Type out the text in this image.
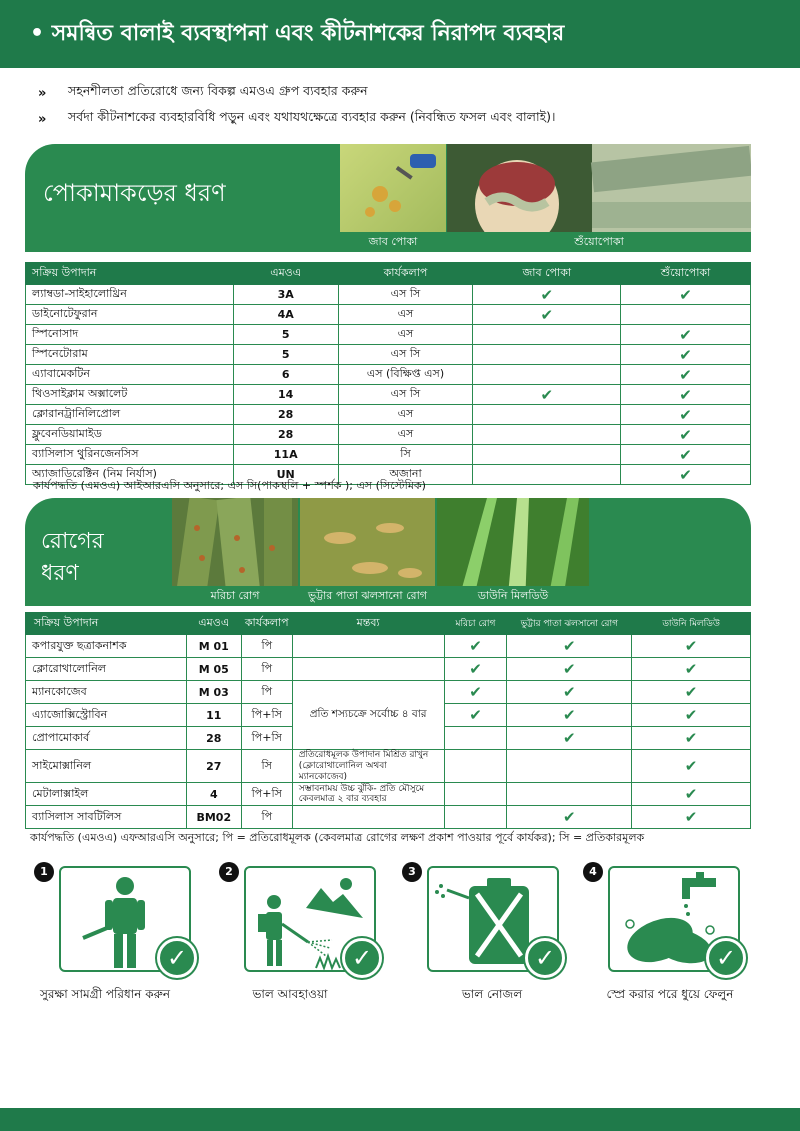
• সমন্বিত বালাই ব্যবস্থাপনা এবং কীটনাশকের নিরাপদ ব্যবহার
»	সহনশীলতা প্রতিরোধে জন্য বিকল্প এমওএ গ্রুপ ব্যবহার করুন
»	সর্বদা কীটনাশকের ব্যবহারবিধি পড়ুন এবং যথাযথক্ষেত্রে ব্যবহার করুন (নিবন্ধিত ফসল এবং বালাই)।
পোকামাকড়ের ধরণ
জাব পোকা	শুঁয়োপোকা
সক্রিয় উপাদান	এমওএ	কার্যকলাপ	জাব পোকা	শুঁয়োপোকা
ল্যাম্বডা-সাইহালোথ্রিন	3A	এস সি	✔	✔
ডাইনোটেফুরান	4A	এস	✔	
স্পিনোসাদ	5	এস		✔
স্পিনেটোরাম	5	এস সি		✔
এ্যাবামেকটিন	6	এস (বিক্ষিপ্ত এস)		✔
থিওসাইক্লাম অক্সালেট	14	এস সি	✔	✔
ক্লোরানট্রানিলিপ্রোল	28	এস		✔
ফ্লুবেনডিয়ামাইড	28	এস		✔
ব্যাসিলাস থুরিনজেনসিস	11A	সি		✔
অ্যাজাডিরেক্টিন (নিম নির্যাস)	UN	অজানা		✔
কার্যপদ্ধতি (এমওএ) আইআরএসি অনুসারে; এস সি(পাকস্থলি + স্পর্শক ); এস (সিস্টেমিক)
রোগের
ধরণ
মরিচা রোগ	ভুট্টার পাতা ঝলসানো রোগ	ডাউনি মিলডিউ
সক্রিয় উপাদান	এমওএ	কার্যকলাপ	মন্তব্য	মরিচা রোগ	ভুট্টার পাতা ঝলসানো রোগ	ডাউনি মিলডিউ
কপারযুক্ত ছত্রাকনাশক	M 01	পি		✔	✔	✔
ক্লোরোথালোনিল	M 05	পি		✔	✔	✔
ম্যানকোজেব	M 03	পি	প্রতি শস্যচক্রে সর্বোচ্চ ৪ বার	✔	✔	✔
এ্যাজোক্সিস্ট্রোবিন	11	পি+সি		✔	✔	✔
প্রোপামোকার্ব	28	পি+সি			✔	✔
সাইমোক্সানিল	27	সি	প্রতিরোধমূলক উপাদান মিশ্রিত রাখুন (ক্লোরোথালোনিল অথবা ম্যানকোজেব)			✔
মেটালাক্সাইল	4	পি+সি	সম্ভাবনাময় উচ্চ ঝুঁকি- প্রতি মৌসুমে কেবলমাত্র ২ বার ব্যবহার			✔
ব্যাসিলাস সাবটিলিস	BM02	পি			✔	✔
কার্যপদ্ধতি (এমওএ) এফআরএসি অনুসারে; পি = প্রতিরোধমূলক (কেবলমাত্র রোগের লক্ষণ প্রকাশ পাওয়ার পূর্বে কার্যকর); সি = প্রতিকারমূলক
1
✓
সুরক্ষা সামগ্রী পরিধান করুন
2
✓
ভাল আবহাওয়া
3
✓
ভাল নোজল
4
✓
স্প্রে করার পরে ধুয়ে ফেলুন
